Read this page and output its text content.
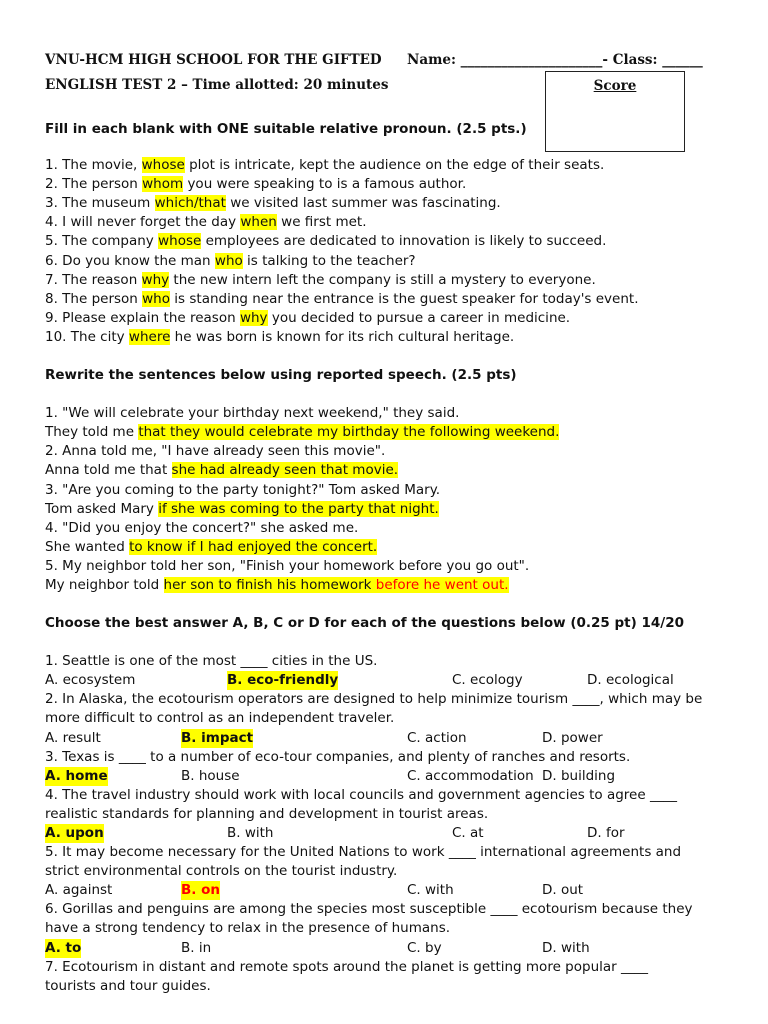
VNU-HCM HIGH SCHOOL FOR THE GIFTED Name: _____________________- Class: ______
ENGLISH TEST 2 – Time allotted: 20 minutes	Score
Fill in each blank with ONE suitable relative pronoun. (2.5 pts.)
1. The movie, whose plot is intricate, kept the audience on the edge of their seats.
2. The person whom you were speaking to is a famous author.
3. The museum which/that we visited last summer was fascinating.
4. I will never forget the day when we first met.
5. The company whose employees are dedicated to innovation is likely to succeed.
6. Do you know the man who is talking to the teacher?
7. The reason why the new intern left the company is still a mystery to everyone.
8. The person who is standing near the entrance is the guest speaker for today's event.
9. Please explain the reason why you decided to pursue a career in medicine.
10. The city where he was born is known for its rich cultural heritage.
Rewrite the sentences below using reported speech. (2.5 pts)
1. "We will celebrate your birthday next weekend," they said.
They told me that they would celebrate my birthday the following weekend.
2. Anna told me, "I have already seen this movie".
Anna told me that she had already seen that movie.
3. "Are you coming to the party tonight?" Tom asked Mary.
Tom asked Mary if she was coming to the party that night.
4. "Did you enjoy the concert?" she asked me.
She wanted to know if I had enjoyed the concert.
5. My neighbor told her son, "Finish your homework before you go out".
My neighbor told her son to finish his homework before he went out.
Choose the best answer A, B, C or D for each of the questions below (0.25 pt) 14/20
1. Seattle is one of the most ____ cities in the US.
A. ecosystem	B. eco-friendly	C. ecology	D. ecological
2. In Alaska, the ecotourism operators are designed to help minimize tourism ____, which may be
more difficult to control as an independent traveler.
A. result	B. impact	C. action	D. power
3. Texas is ____ to a number of eco-tour companies, and plenty of ranches and resorts.
A. home	B. house	C. accommodation D. building
4. The travel industry should work with local councils and government agencies to agree ____
realistic standards for planning and development in tourist areas.
A. upon	B. with	C. at	D. for
5. It may become necessary for the United Nations to work ____ international agreements and
strict environmental controls on the tourist industry.
A. against	B. on	C. with	D. out
6. Gorillas and penguins are among the species most susceptible ____ ecotourism because they
have a strong tendency to relax in the presence of humans.
A. to	B. in	C. by	D. with
7. Ecotourism in distant and remote spots around the planet is getting more popular ____
tourists and tour guides.
